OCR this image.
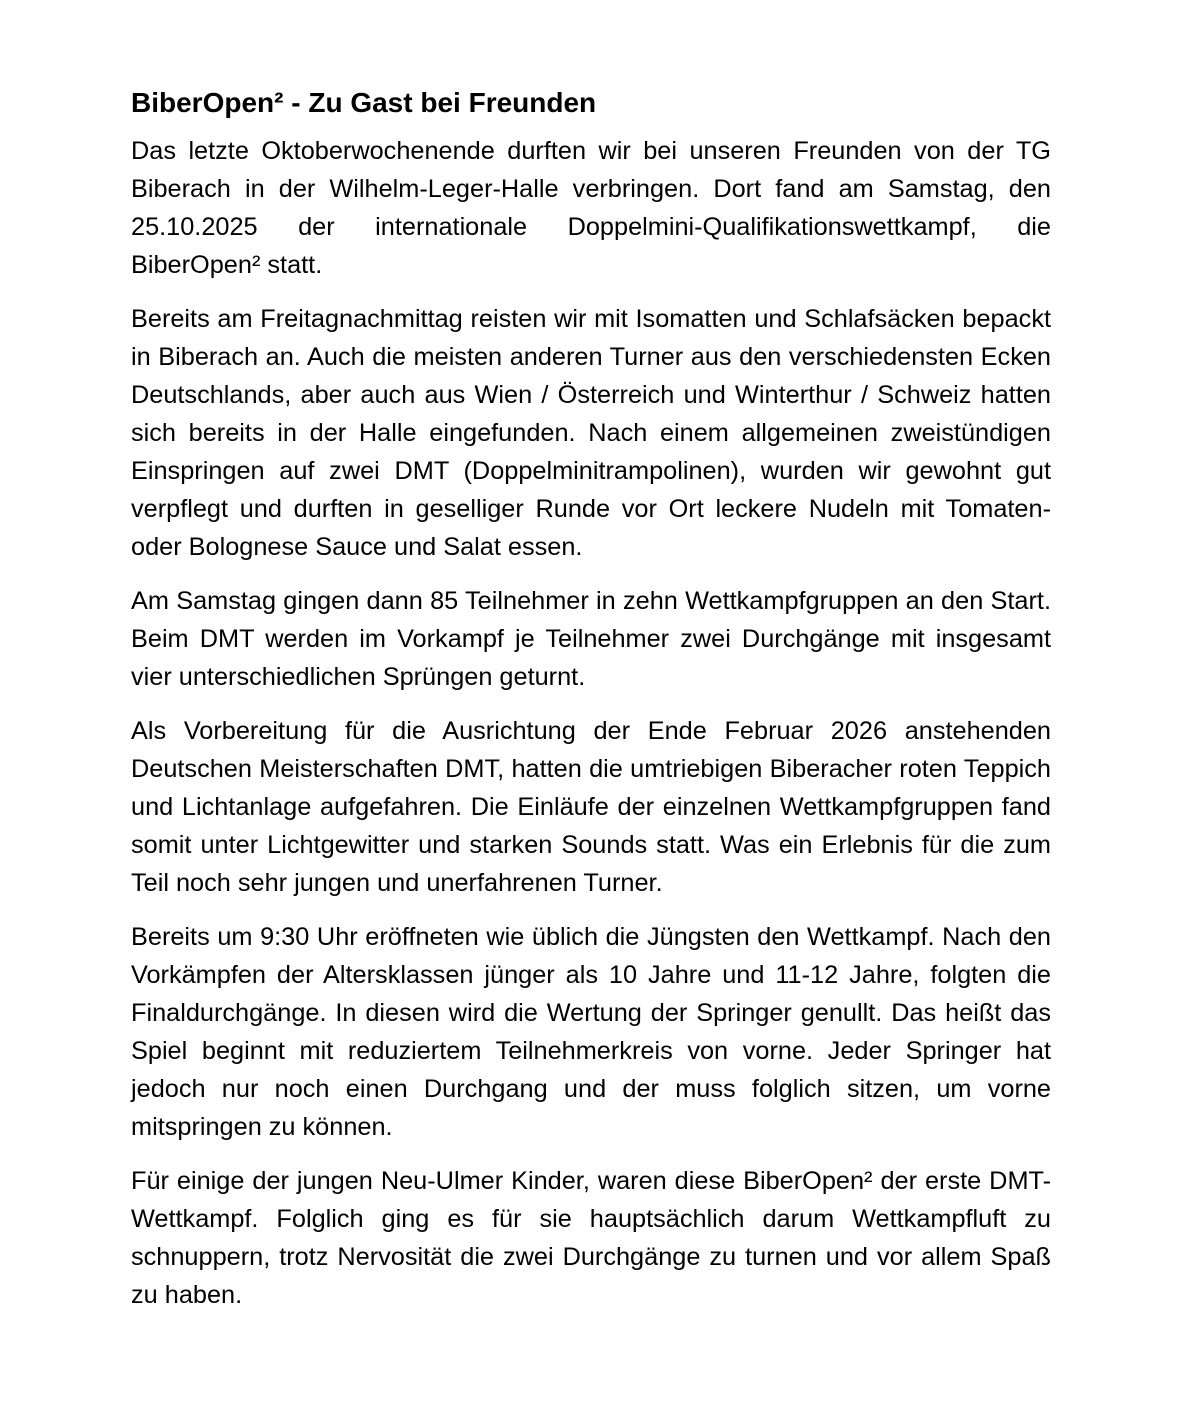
BiberOpen² - Zu Gast bei Freunden

Das letzte Oktoberwochenende durften wir bei unseren Freunden von der TG Biberach in der Wilhelm-Leger-Halle verbringen. Dort fand am Samstag, den 25.10.2025 der internationale Doppelmini-Qualifikationswettkampf, die BiberOpen² statt.

Bereits am Freitagnachmittag reisten wir mit Isomatten und Schlafsäcken bepackt in Biberach an. Auch die meisten anderen Turner aus den verschiedensten Ecken Deutschlands, aber auch aus Wien / Österreich und Winterthur / Schweiz hatten sich bereits in der Halle eingefunden. Nach einem allgemeinen zweistündigen Einspringen auf zwei DMT (Doppelminitrampolinen), wurden wir gewohnt gut verpflegt und durften in geselliger Runde vor Ort leckere Nudeln mit Tomaten- oder Bolognese Sauce und Salat essen.

Am Samstag gingen dann 85 Teilnehmer in zehn Wettkampfgruppen an den Start. Beim DMT werden im Vorkampf je Teilnehmer zwei Durchgänge mit insgesamt vier unterschiedlichen Sprüngen geturnt.

Als Vorbereitung für die Ausrichtung der Ende Februar 2026 anstehenden Deutschen Meisterschaften DMT, hatten die umtriebigen Biberacher roten Teppich und Lichtanlage aufgefahren. Die Einläufe der einzelnen Wettkampfgruppen fand somit unter Lichtgewitter und starken Sounds statt. Was ein Erlebnis für die zum Teil noch sehr jungen und unerfahrenen Turner.

Bereits um 9:30 Uhr eröffneten wie üblich die Jüngsten den Wettkampf. Nach den Vorkämpfen der Altersklassen jünger als 10 Jahre und 11-12 Jahre, folgten die Finaldurchgänge. In diesen wird die Wertung der Springer genullt. Das heißt das Spiel beginnt mit reduziertem Teilnehmerkreis von vorne. Jeder Springer hat jedoch nur noch einen Durchgang und der muss folglich sitzen, um vorne mitspringen zu können.

Für einige der jungen Neu-Ulmer Kinder, waren diese BiberOpen² der erste DMT-Wettkampf. Folglich ging es für sie hauptsächlich darum Wettkampfluft zu schnuppern, trotz Nervosität die zwei Durchgänge zu turnen und vor allem Spaß zu haben.
